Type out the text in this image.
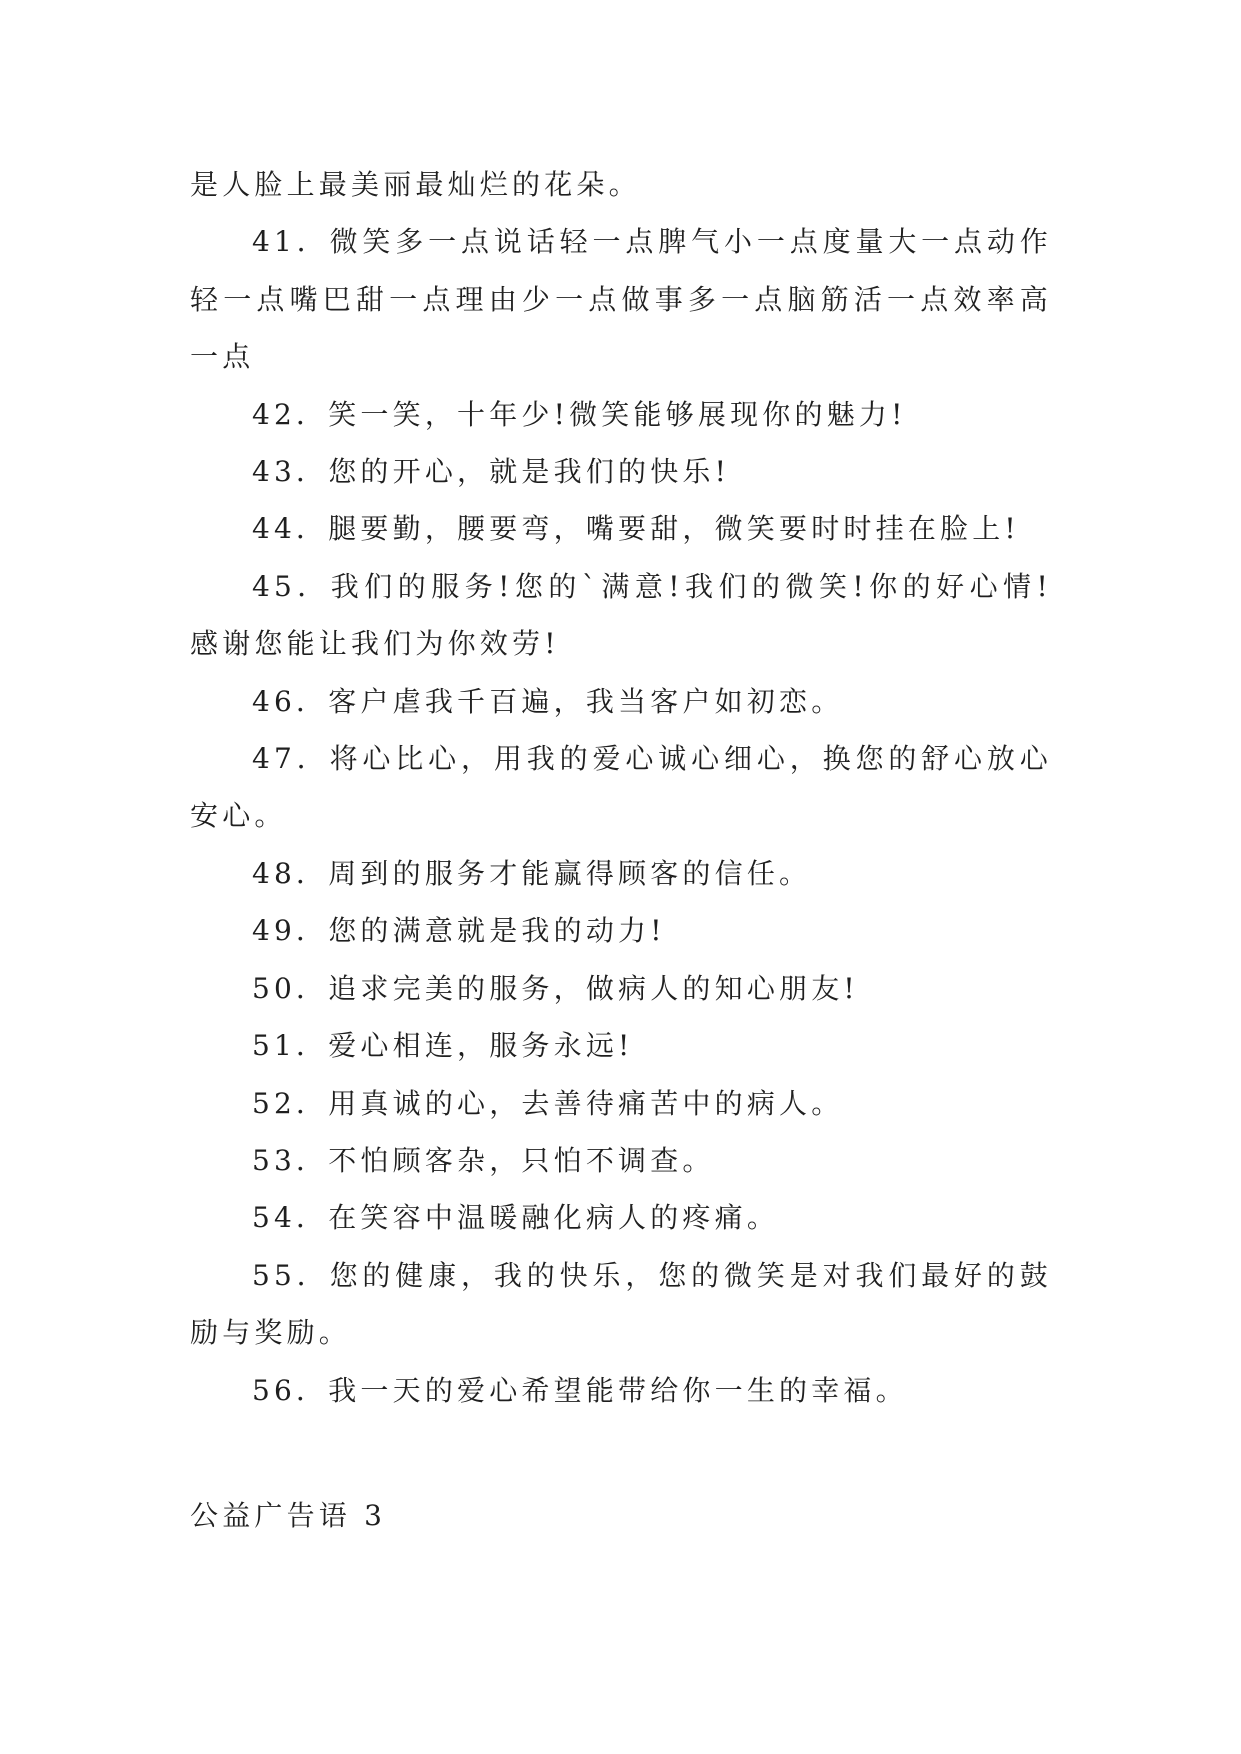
是人脸上最美丽最灿烂的花朵。

41．微笑多一点说话轻一点脾气小一点度量大一点动作轻一点嘴巴甜一点理由少一点做事多一点脑筋活一点效率高一点

42．笑一笑，十年少!微笑能够展现你的魅力!

43．您的开心，就是我们的快乐!

44．腿要勤，腰要弯，嘴要甜，微笑要时时挂在脸上!

45．我们的服务!您的`满意!我们的微笑!你的好心情!感谢您能让我们为你效劳!

46．客户虐我千百遍，我当客户如初恋。

47．将心比心，用我的爱心诚心细心，换您的舒心放心安心。

48．周到的服务才能赢得顾客的信任。

49．您的满意就是我的动力!

50．追求完美的服务，做病人的知心朋友!

51．爱心相连，服务永远!

52．用真诚的心，去善待痛苦中的病人。

53．不怕顾客杂，只怕不调查。

54．在笑容中温暖融化病人的疼痛。

55．您的健康，我的快乐，您的微笑是对我们最好的鼓励与奖励。

56．我一天的爱心希望能带给你一生的幸福。

公益广告语 3
